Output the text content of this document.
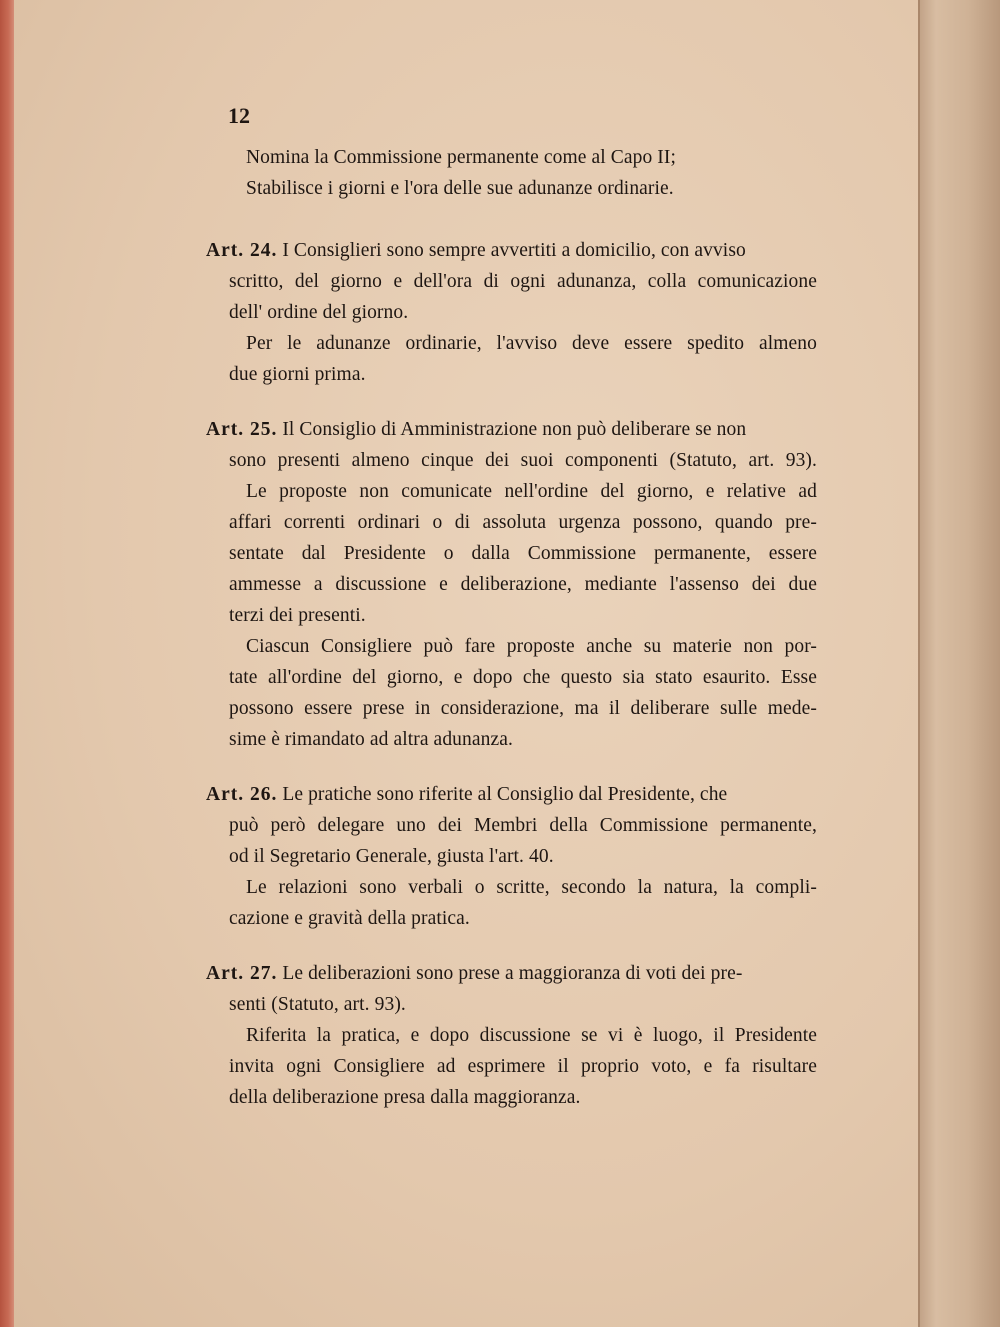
12
Nomina la Commissione permanente come al Capo II;
Stabilisce i giorni e l'ora delle sue adunanze ordinarie.
Art. 24. I Consiglieri sono sempre avvertiti a domicilio, con avviso
scritto, del giorno e dell'ora di ogni adunanza, colla comunicazione
dell' ordine del giorno.
Per le adunanze ordinarie, l'avviso deve essere spedito almeno
due giorni prima.
Art. 25. Il Consiglio di Amministrazione non può deliberare se non
sono presenti almeno cinque dei suoi componenti (Statuto, art. 93).
Le proposte non comunicate nell'ordine del giorno, e relative ad
affari correnti ordinari o di assoluta urgenza possono, quando pre-
sentate dal Presidente o dalla Commissione permanente, essere
ammesse a discussione e deliberazione, mediante l'assenso dei due
terzi dei presenti.
Ciascun Consigliere può fare proposte anche su materie non por-
tate all'ordine del giorno, e dopo che questo sia stato esaurito. Esse
possono essere prese in considerazione, ma il deliberare sulle mede-
sime è rimandato ad altra adunanza.
Art. 26. Le pratiche sono riferite al Consiglio dal Presidente, che
può però delegare uno dei Membri della Commissione permanente,
od il Segretario Generale, giusta l'art. 40.
Le relazioni sono verbali o scritte, secondo la natura, la compli-
cazione e gravità della pratica.
Art. 27. Le deliberazioni sono prese a maggioranza di voti dei pre-
senti (Statuto, art. 93).
Riferita la pratica, e dopo discussione se vi è luogo, il Presidente
invita ogni Consigliere ad esprimere il proprio voto, e fa risultare
della deliberazione presa dalla maggioranza.
